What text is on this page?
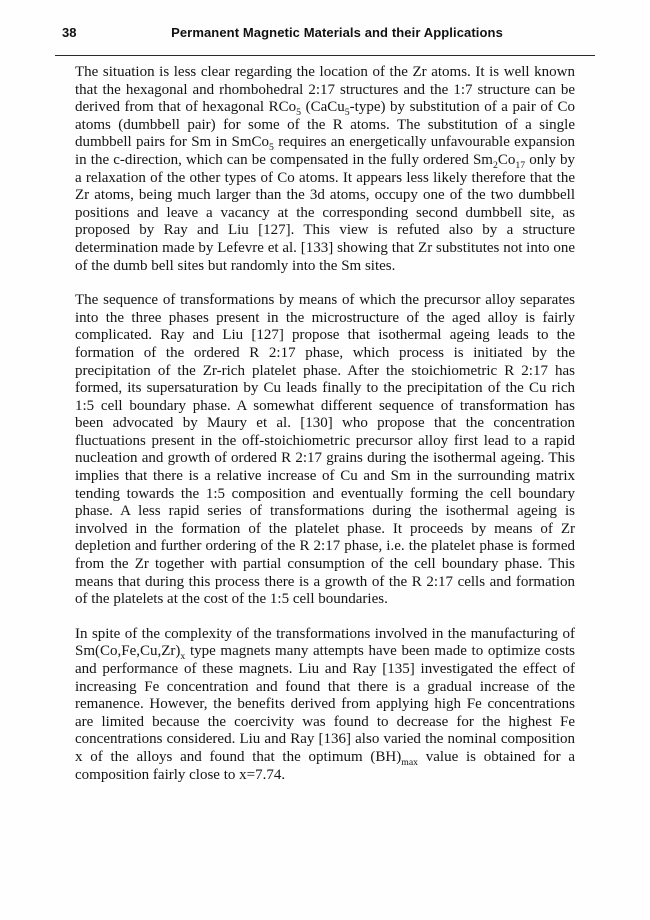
38	Permanent Magnetic Materials and their Applications

The situation is less clear regarding the location of the Zr atoms. It is well known that the hexagonal and rhombohedral 2:17 structures and the 1:7 structure can be derived from that of hexagonal RCo$_5$ (CaCu$_5$-type) by substitution of a pair of Co atoms (dumbbell pair) for some of the R atoms. The substitution of a single dumbbell pairs for Sm in SmCo$_5$ requires an energetically unfavourable expansion in the c-direction, which can be compensated in the fully ordered $Sm_2Co_{17}$ only by a relaxation of the other types of Co atoms. It appears less likely therefore that the Zr atoms, being much larger than the 3d atoms, occupy one of the two dumbbell positions and leave a vacancy at the corresponding second dumbbell site, as proposed by Ray and Liu [127]. This view is refuted also by a structure determination made by Lefevre et al. [133] showing that Zr substitutes not into one of the dumb bell sites but randomly into the Sm sites.

The sequence of transformations by means of which the precursor alloy separates into the three phases present in the microstructure of the aged alloy is fairly complicated. Ray and Liu [127] propose that isothermal ageing leads to the formation of the ordered R 2:17 phase, which process is initiated by the precipitation of the Zr-rich platelet phase. After the stoichiometric R 2:17 has formed, its supersaturation by Cu leads finally to the precipitation of the Cu rich 1:5 cell boundary phase. A somewhat different sequence of transformation has been advocated by Maury et al. [130] who propose that the concentration fluctuations present in the off-stoichiometric precursor alloy first lead to a rapid nucleation and growth of ordered R 2:17 grains during the isothermal ageing. This implies that there is a relative increase of Cu and Sm in the surrounding matrix tending towards the 1:5 composition and eventually forming the cell boundary phase. A less rapid series of transformations during the isothermal ageing is involved in the formation of the platelet phase. It proceeds by means of Zr depletion and further ordering of the R 2:17 phase, i.e. the platelet phase is formed from the Zr together with partial consumption of the cell boundary phase. This means that during this process there is a growth of the R 2:17 cells and formation of the platelets at the cost of the 1:5 cell boundaries.

In spite of the complexity of the transformations involved in the manufacturing of $Sm(Co,Fe,Cu,Zr)_x$ type magnets many attempts have been made to optimize costs and performance of these magnets. Liu and Ray [135] investigated the effect of increasing Fe concentration and found that there is a gradual increase of the remanence. However, the benefits derived from applying high Fe concentrations are limited because the coercivity was found to decrease for the highest Fe concentrations considered. Liu and Ray [136] also varied the nominal composition x of the alloys and found that the optimum $(BH)_{max}$ value is obtained for a composition fairly close to x=7.74.
